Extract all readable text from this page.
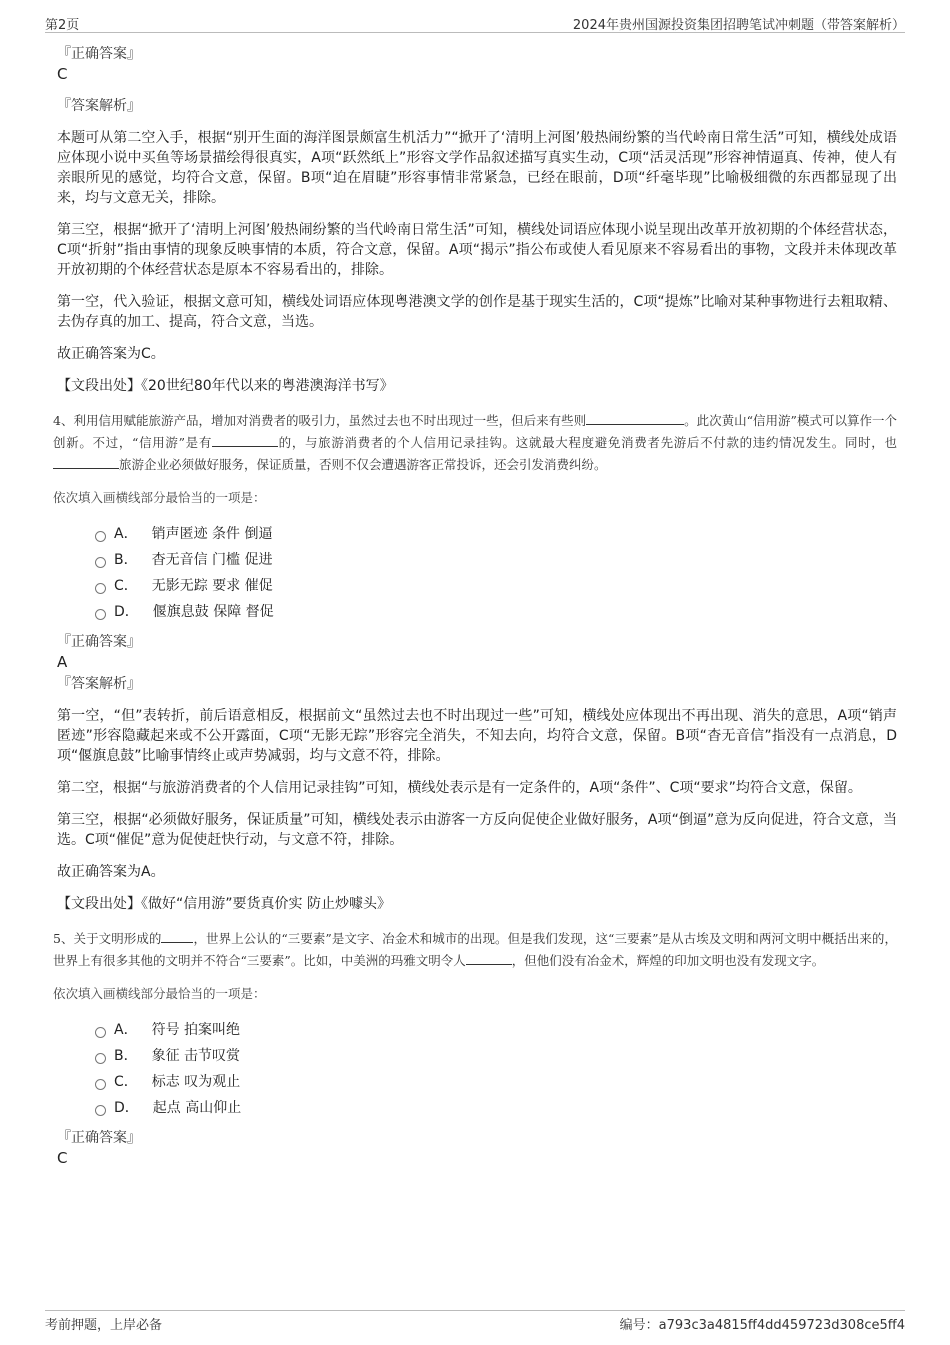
第2页	2024年贵州国源投资集团招聘笔试冲刺题（带答案解析）

『正确答案』

C

『答案解析』

本题可从第二空入手，根据“别开生面的海洋图景颇富生机活力”“掀开了‘清明上河图’般热闹纷繁的当代岭南日常生活”可知，横线处成语应体现小说中买鱼等场景描绘得很真实，A项“跃然纸上”形容文学作品叙述描写真实生动，C项“活灵活现”形容神情逼真、传神，使人有亲眼所见的感觉，均符合文意，保留。B项“迫在眉睫”形容事情非常紧急，已经在眼前，D项“纤毫毕现”比喻极细微的东西都显现了出来，均与文意无关，排除。

第三空，根据“掀开了‘清明上河图’般热闹纷繁的当代岭南日常生活”可知，横线处词语应体现小说呈现出改革开放初期的个体经营状态，C项“折射”指由事情的现象反映事情的本质，符合文意，保留。A项“揭示”指公布或使人看见原来不容易看出的事物，文段并未体现改革开放初期的个体经营状态是原本不容易看出的，排除。

第一空，代入验证，根据文意可知，横线处词语应体现粤港澳文学的创作是基于现实生活的，C项“提炼”比喻对某种事物进行去粗取精、去伪存真的加工、提高，符合文意，当选。

故正确答案为C。

【文段出处】《20世纪80年代以来的粤港澳海洋书写》

4、利用信用赋能旅游产品，增加对消费者的吸引力，虽然过去也不时出现过一些，但后来有些则	。此次黄山“信用游”模式可以算作一个创新。不过，“信用游”是有	的，与旅游消费者的个人信用记录挂钩。这就最大程度避免消费者先游后不付款的违约情况发生。同时，也旅游企业必须做好服务，保证质量，否则不仅会遭遇游客正常投诉，还会引发消费纠纷。

依次填入画横线部分最恰当的一项是：

A． 销声匿迹 条件 倒逼
B． 杳无音信 门槛 促进
C． 无影无踪 要求 催促
D． 偃旗息鼓 保障 督促

『正确答案』

A

『答案解析』

第一空，“但”表转折，前后语意相反，根据前文“虽然过去也不时出现过一些”可知，横线处应体现出不再出现、消失的意思，A项“销声匿迹”形容隐藏起来或不公开露面，C项“无影无踪”形容完全消失，不知去向，均符合文意，保留。B项“杳无音信”指没有一点消息，D项“偃旗息鼓”比喻事情终止或声势减弱，均与文意不符，排除。

第二空，根据“与旅游消费者的个人信用记录挂钩”可知，横线处表示是有一定条件的，A项“条件”、C项“要求”均符合文意，保留。

第三空，根据“必须做好服务，保证质量”可知，横线处表示由游客一方反向促使企业做好服务，A项“倒逼”意为反向促进，符合文意，当选。C项“催促”意为促使赶快行动，与文意不符，排除。

故正确答案为A。

【文段出处】《做好“信用游”要货真价实 防止炒噱头》

5、关于文明形成的	，世界上公认的“三要素”是文字、冶金术和城市的出现。但是我们发现，这“三要素”是从古埃及文明和两河文明中概括出来的，世界上有很多其他的文明并不符合“三要素”。比如，中美洲的玛雅文明令人	，但他们没有冶金术，辉煌的印加文明也没有发现文字。

依次填入画横线部分最恰当的一项是：

A． 符号 拍案叫绝
B． 象征 击节叹赏
C． 标志 叹为观止
D． 起点 高山仰止

『正确答案』

C

考前押题，上岸必备	编号：a793c3a4815ff4dd459723d308ce5ff4
